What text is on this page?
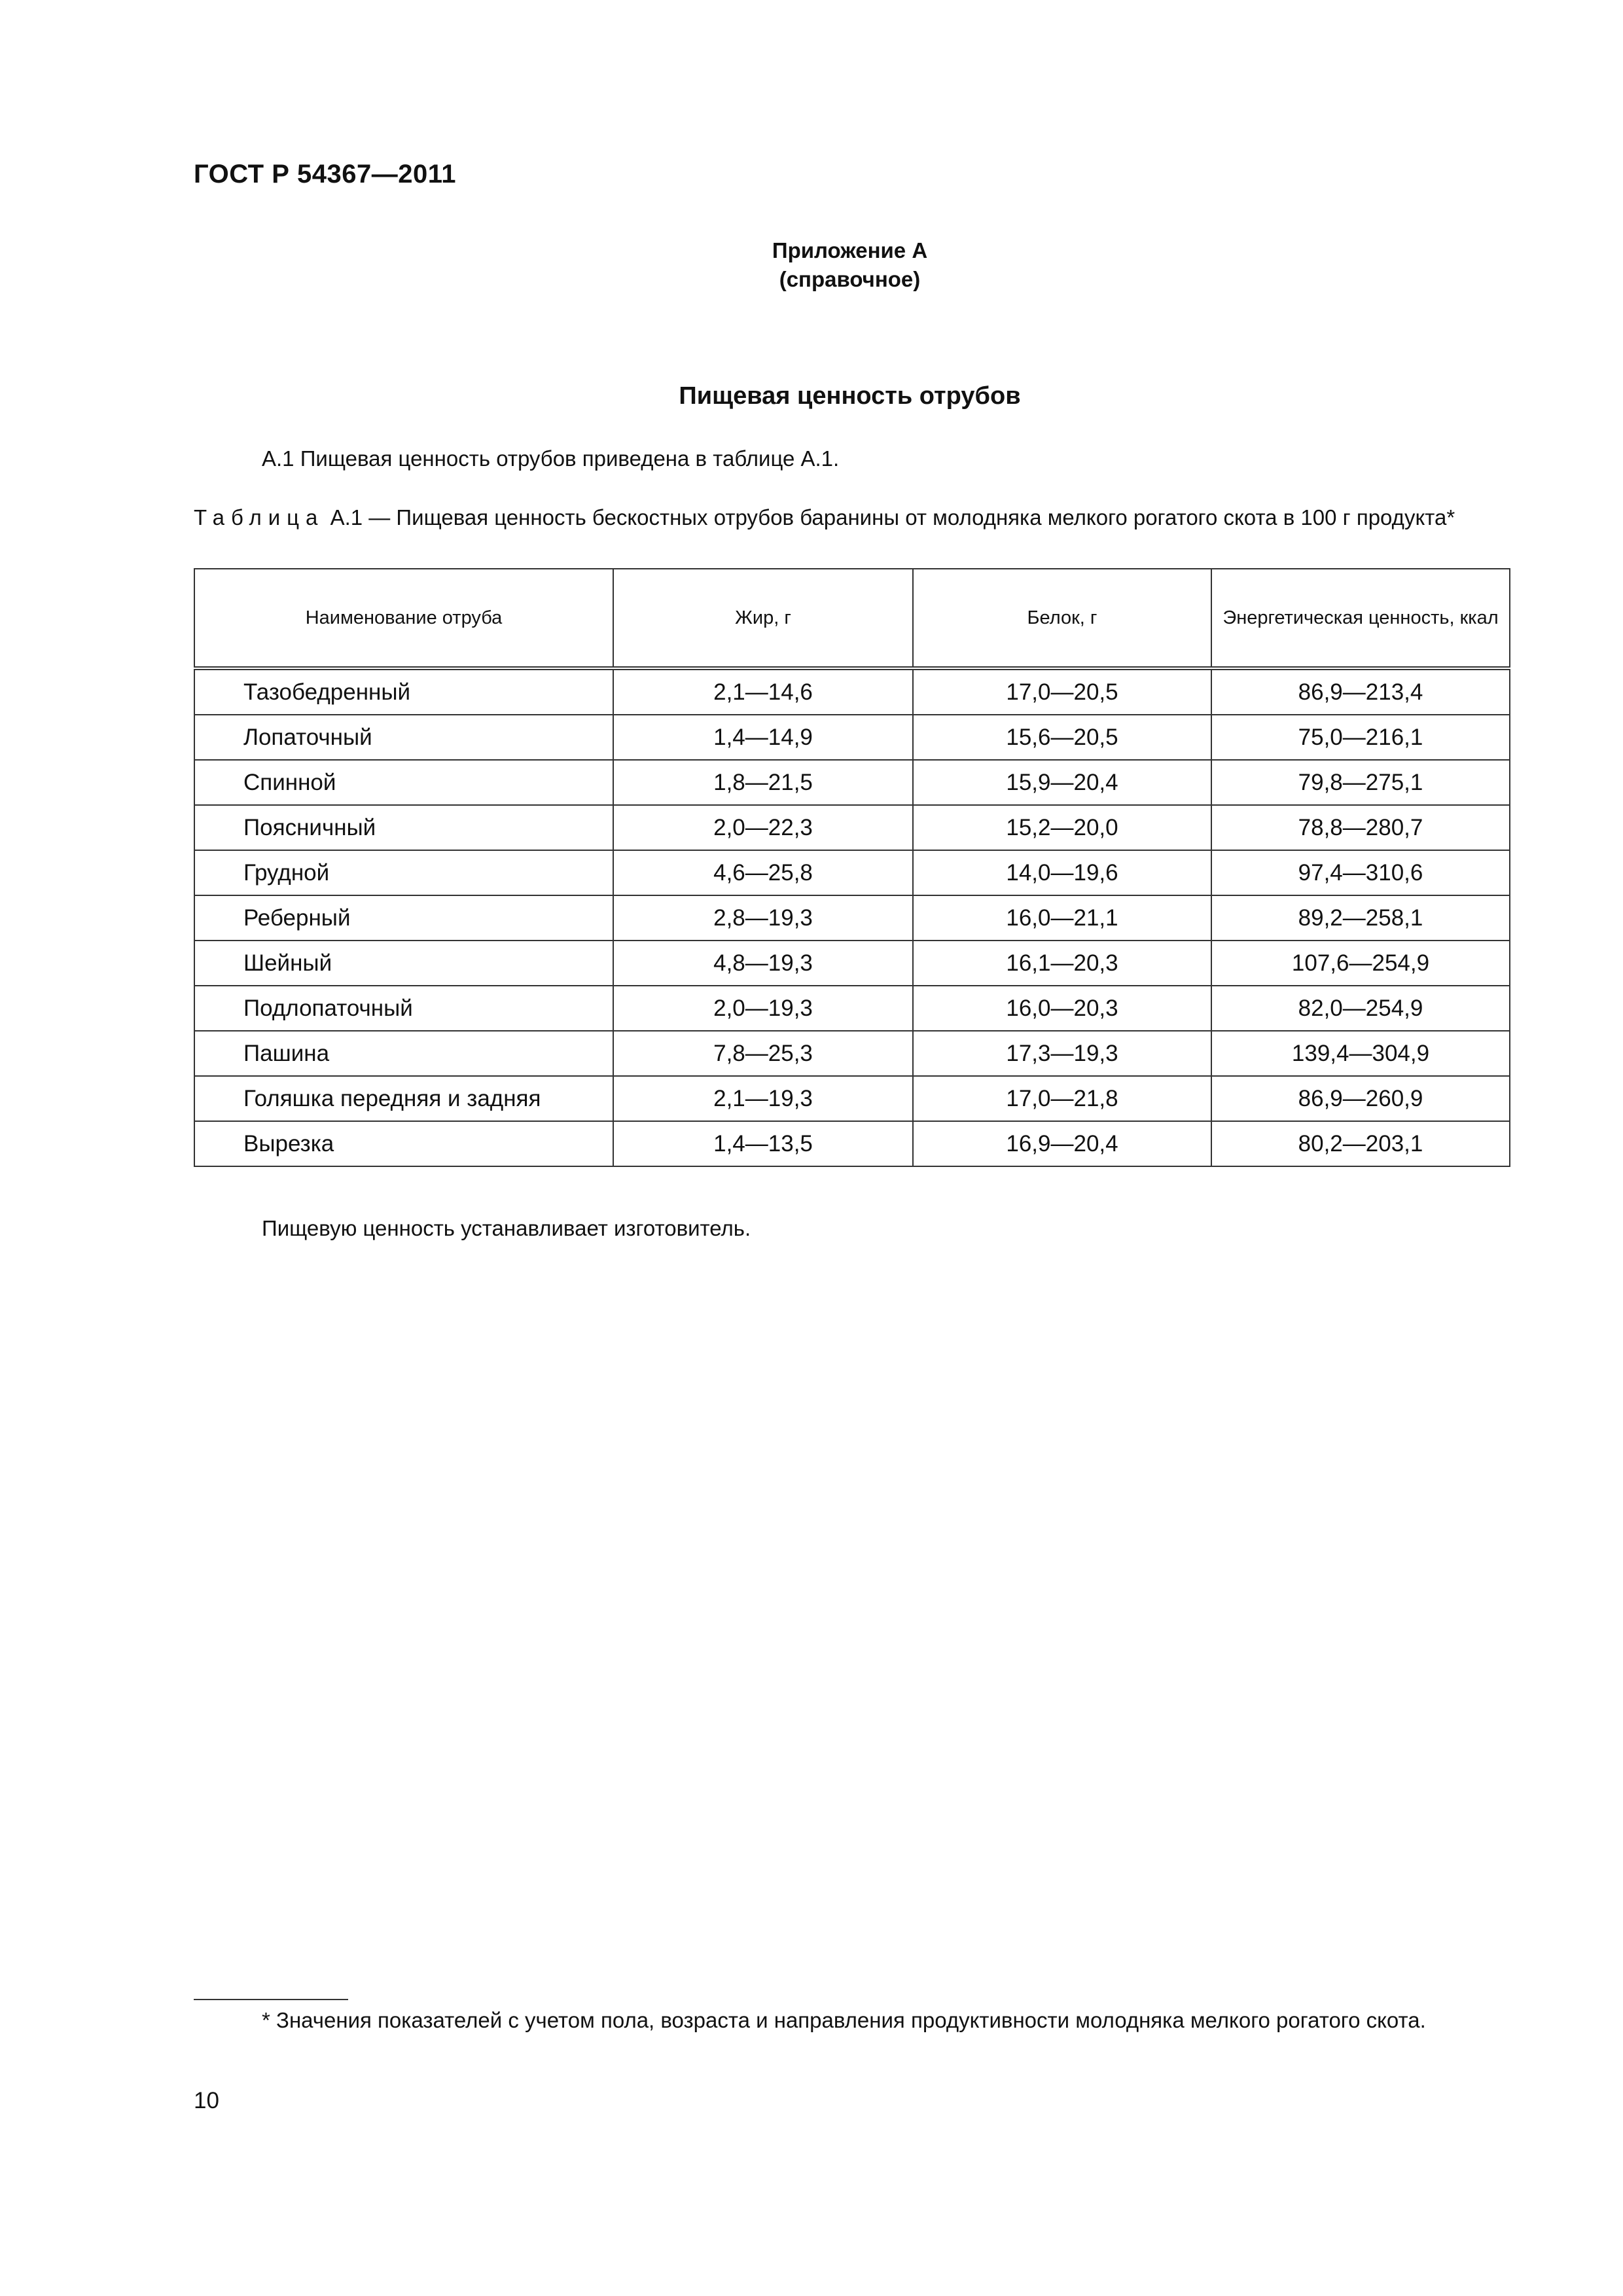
ГОСТ Р 54367—2011
Приложение А
(справочное)
Пищевая ценность отрубов
А.1 Пищевая ценность отрубов приведена в таблице А.1.
Таблица А.1 — Пищевая ценность бескостных отрубов баранины от молодняка мелкого рогатого скота в 100 г продукта*
Наименование отруба	Жир, г	Белок, г	Энергетическая ценность, ккал
Тазобедренный	2,1—14,6	17,0—20,5	86,9—213,4
Лопаточный	1,4—14,9	15,6—20,5	75,0—216,1
Спинной	1,8—21,5	15,9—20,4	79,8—275,1
Поясничный	2,0—22,3	15,2—20,0	78,8—280,7
Грудной	4,6—25,8	14,0—19,6	97,4—310,6
Реберный	2,8—19,3	16,0—21,1	89,2—258,1
Шейный	4,8—19,3	16,1—20,3	107,6—254,9
Подлопаточный	2,0—19,3	16,0—20,3	82,0—254,9
Пашина	7,8—25,3	17,3—19,3	139,4—304,9
Голяшка передняя и задняя	2,1—19,3	17,0—21,8	86,9—260,9
Вырезка	1,4—13,5	16,9—20,4	80,2—203,1
Пищевую ценность устанавливает изготовитель.
* Значения показателей с учетом пола, возраста и направления продуктивности молодняка мелкого рогатого скота.
10
